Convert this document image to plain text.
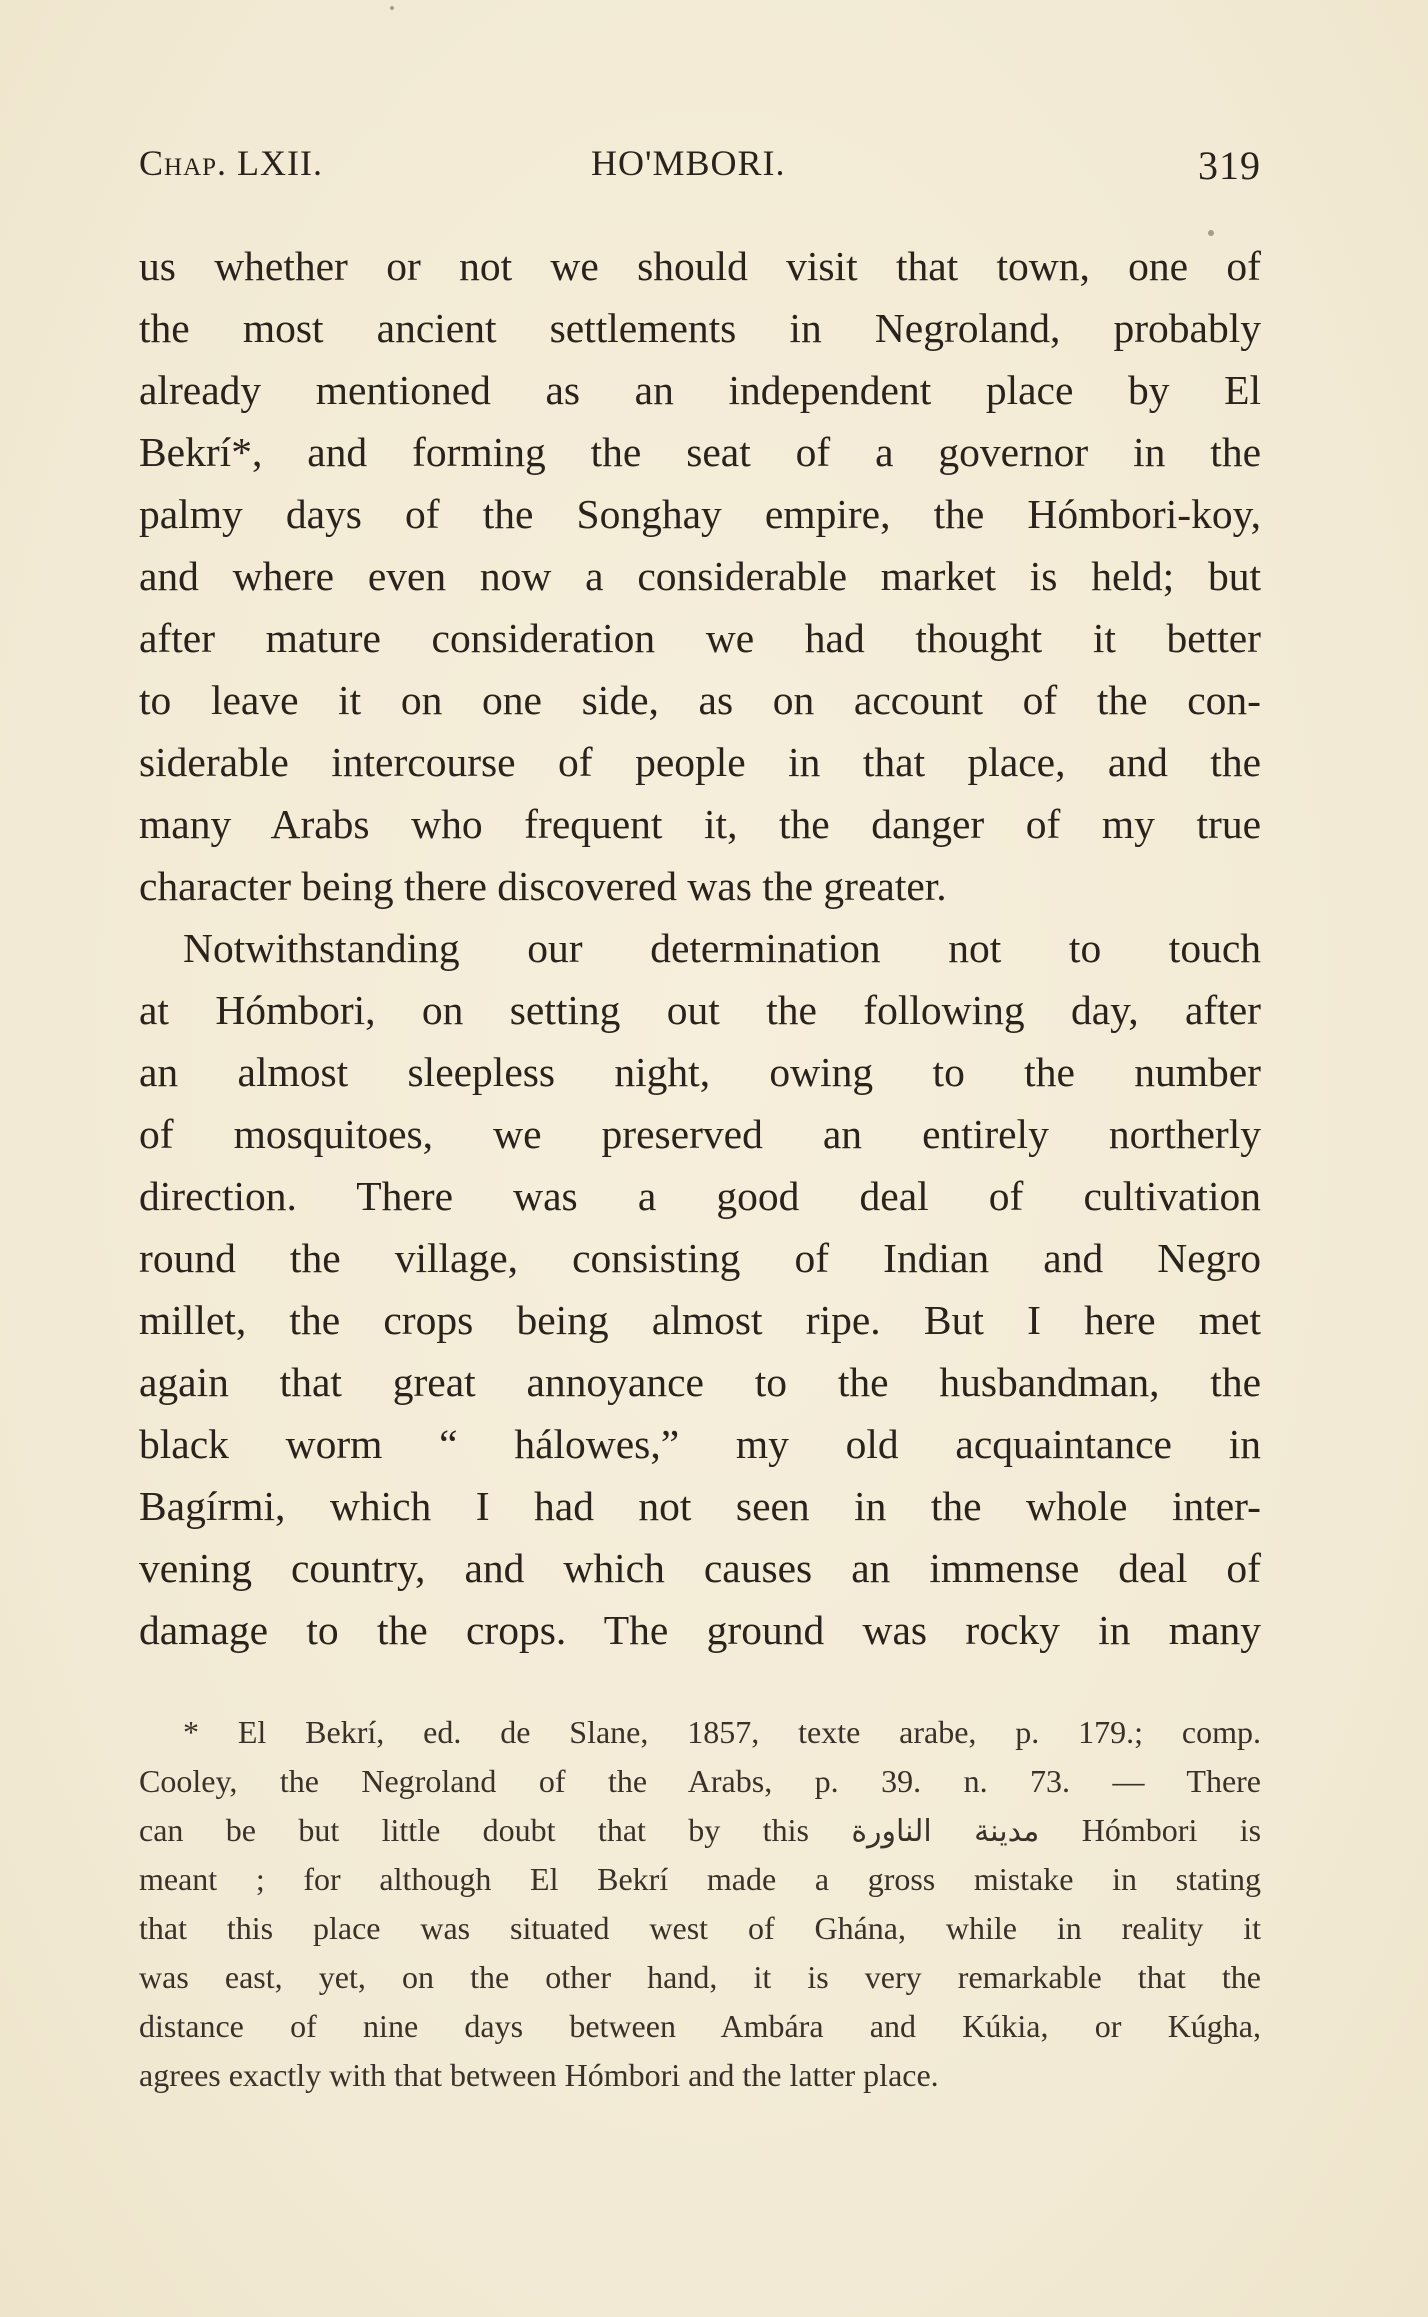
Chap. LXII.	HO'MBORI.	319
us whether or not we should visit that town, one of
the most ancient settlements in Negroland, probably
already mentioned as an independent place by El
Bekrí*, and forming the seat of a governor in the
palmy days of the Songhay empire, the Hómbori-koy,
and where even now a considerable market is held; but
after mature consideration we had thought it better
to leave it on one side, as on account of the con-
siderable intercourse of people in that place, and the
many Arabs who frequent it, the danger of my true
character being there discovered was the greater.
Notwithstanding our determination not to touch
at Hómbori, on setting out the following day, after
an almost sleepless night, owing to the number
of mosquitoes, we preserved an entirely northerly
direction. There was a good deal of cultivation
round the village, consisting of Indian and Negro
millet, the crops being almost ripe. But I here met
again that great annoyance to the husbandman, the
black worm “ hálowes,” my old acquaintance in
Bagírmi, which I had not seen in the whole inter-
vening country, and which causes an immense deal of
damage to the crops. The ground was rocky in many
* El Bekrí, ed. de Slane, 1857, texte arabe, p. 179.; comp.
Cooley, the Negroland of the Arabs, p. 39. n. 73. — There
can be but little doubt that by this الناورة مدينة Hómbori is
meant ; for although El Bekrí made a gross mistake in stating
that this place was situated west of Ghána, while in reality it
was east, yet, on the other hand, it is very remarkable that the
distance of nine days between Ambára and Kúkia, or Kúgha,
agrees exactly with that between Hómbori and the latter place.
